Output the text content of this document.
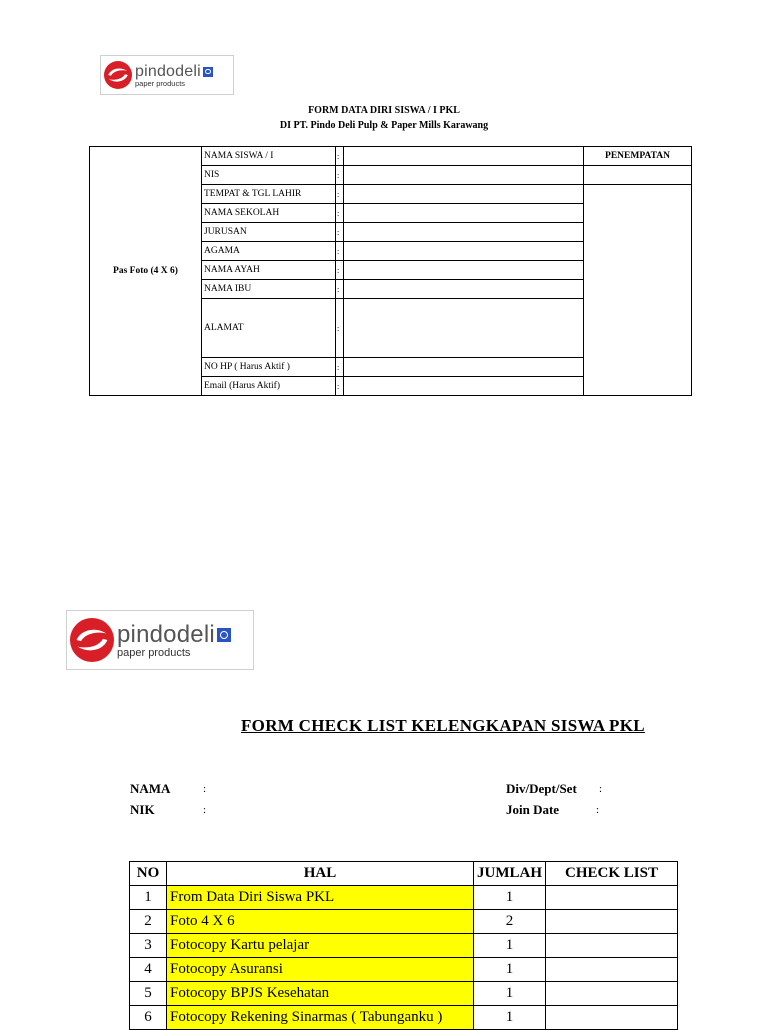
pindodeli
paper products
FORM DATA DIRI SISWA / I PKL
DI PT. Pindo Deli Pulp & Paper Mills Karawang
Pas Foto (4 X 6)	NAMA SISWA / I	:		PENEMPATAN
	NIS	:		
	TEMPAT & TGL LAHIR	:		
	NAMA SEKOLAH	:		
	JURUSAN	:		
	AGAMA	:		
	NAMA AYAH	:		
	NAMA IBU	:		
	ALAMAT	:		
	NO HP ( Harus Aktif )	:		
	Email (Harus Aktif)	:		
pindodeli
paper products
FORM CHECK LIST KELENGKAPAN SISWA PKL
NAMA	:
NIK	:
Div/Dept/Set :
Join Date	:
NO	HAL	JUMLAH	CHECK LIST
1	From Data Diri Siswa PKL	1	
2	Foto 4 X 6	2	
3	Fotocopy Kartu pelajar	1	
4	Fotocopy Asuransi	1	
5	Fotocopy BPJS Kesehatan	1	
6	Fotocopy Rekening Sinarmas ( Tabunganku )	1	
